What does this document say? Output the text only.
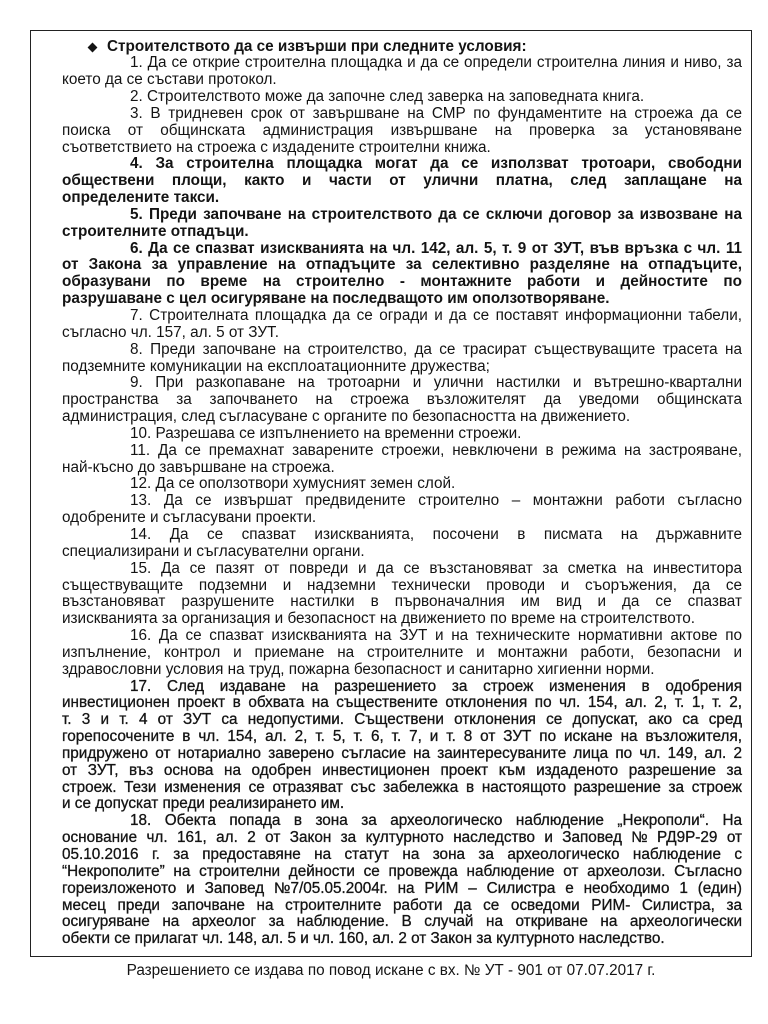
Строителството да се извърши при следните условия:
1. Да се открие строителна площадка и да се определи строителна линия и ниво, за
което да се състави протокол.
2. Строителството може да започне след заверка на заповедната книга.
3. В тридневен срок от завършване на СМР по фундаментите на строежа да се
поиска от общинската администрация извършване на проверка за установяване
съответствието на строежа с издадените строителни книжа.
4. За строителна площадка могат да се използват тротоари, свободни
обществени площи, както и части от улични платна, след заплащане на
определените такси.
5. Преди започване на строителството да се сключи договор за извозване на
строителните отпадъци.
6. Да се спазват изискванията на чл. 142, ал. 5, т. 9 от ЗУТ, във връзка с чл. 11
от Закона за управление на отпадъците за селективно разделяне на отпадъците,
образувани по време на строително - монтажните работи и дейностите по
разрушаване с цел осигуряване на последващото им оползотворяване.
7. Строителната площадка да се огради и да се поставят информационни табели,
съгласно чл. 157, ал. 5 от ЗУТ.
8. Преди започване на строителство, да се трасират съществуващите трасета на
подземните комуникации на експлоатационните дружества;
9. При разкопаване на тротоарни и улични настилки и вътрешно-квартални
пространства за започването на строежа възложителят да уведоми общинската
администрация, след съгласуване с органите по безопасността на движението.
10. Разрешава се изпълнението на временни строежи.
11. Да се премахнат заварените строежи, невключени в режима на застрояване,
най-късно до завършване на строежа.
12. Да се оползотвори хумусният земен слой.
13. Да се извършат предвидените строително – монтажни работи съгласно
одобрените и съгласувани проекти.
14. Да се спазват изискванията, посочени в писмата на държавните
специализирани и съгласувателни органи.
15. Да се пазят от повреди и да се възстановяват за сметка на инвеститора
съществуващите подземни и надземни технически проводи и съоръжения, да се
възстановяват разрушените настилки в първоначалния им вид и да се спазват
изискванията за организация и безопасност на движението по време на строителството.
16. Да се спазват изискванията на ЗУТ и на техническите нормативни актове по
изпълнение, контрол и приемане на строителните и монтажни работи, безопасни и
здравословни условия на труд, пожарна безопасност и санитарно хигиенни норми.
17. След издаване на разрешението за строеж изменения в одобрения
инвестиционен проект в обхвата на съществените отклонения по чл. 154, ал. 2, т. 1, т. 2,
т. 3 и т. 4 от ЗУТ са недопустими. Съществени отклонения се допускат, ако са сред
горепосочените в чл. 154, ал. 2, т. 5, т. 6, т. 7, и т. 8 от ЗУТ по искане на възложителя,
придружено от нотариално заверено съгласие на заинтересуваните лица по чл. 149, ал. 2
от ЗУТ, въз основа на одобрен инвестиционен проект към издаденото разрешение за
строеж. Тези изменения се отразяват със забележка в настоящото разрешение за строеж
и се допускат преди реализирането им.
18. Обекта попада в зона за археологическо наблюдение „Некрополи“. На
основание чл. 161, ал. 2 от Закон за културното наследство и Заповед № РД9Р-29 от
05.10.2016 г. за предоставяне на статут на зона за археологическо наблюдение с
“Некрополите” на строителни дейности се провежда наблюдение от археолози. Съгласно
гореизложеното и Заповед №7/05.05.2004г. на РИМ – Силистра е необходимо 1 (един)
месец преди започване на строителните работи да се осведоми РИМ- Силистра, за
осигуряване на археолог за наблюдение. В случай на откриване на археологически
обекти се прилагат чл. 148, ал. 5 и чл. 160, ал. 2 от Закон за културното наследство.
Разрешението се издава по повод искане с вх. № УТ - 901 от 07.07.2017 г.
